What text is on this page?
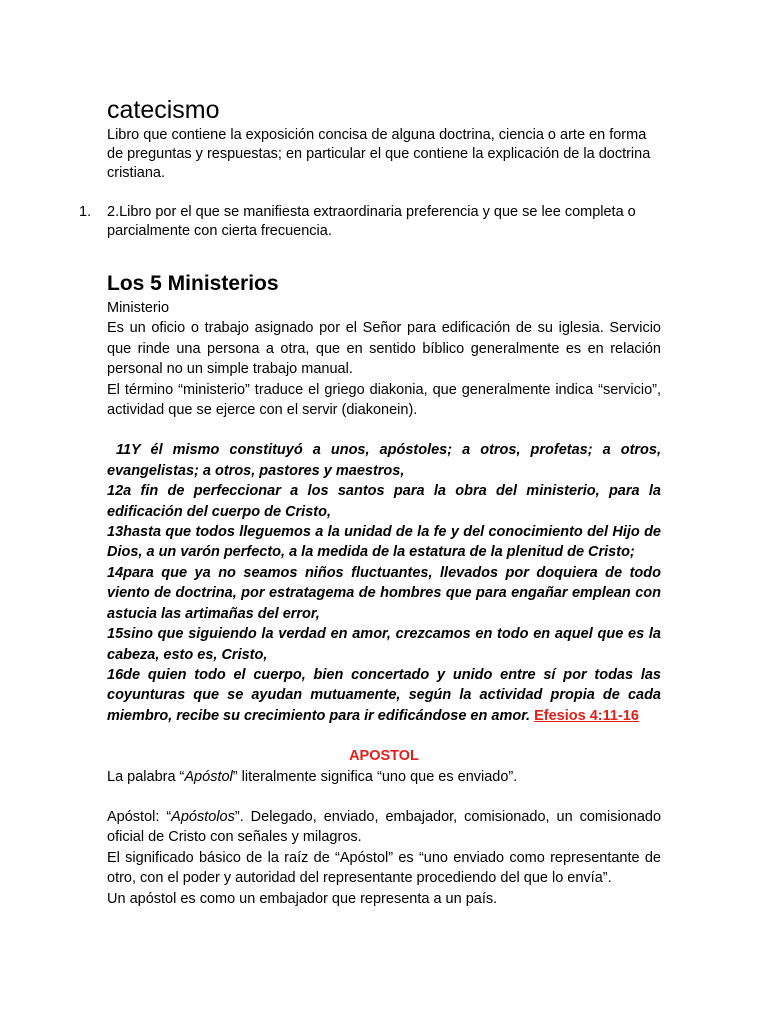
catecismo

Libro que contiene la exposición concisa de alguna doctrina, ciencia o arte en forma de preguntas y respuestas; en particular el que contiene la explicación de la doctrina cristiana.

1. 2.Libro por el que se manifiesta extraordinaria preferencia y que se lee completa o parcialmente con cierta frecuencia.
Los 5 Ministerios

Ministerio

Es un oficio o trabajo asignado por el Señor para edificación de su iglesia. Servicio que rinde una persona a otra, que en sentido bíblico generalmente es en relación personal no un simple trabajo manual.

El término “ministerio” traduce el griego diakonia, que generalmente indica “servicio”, actividad que se ejerce con el servir (diakonein).

11Y él mismo constituyó a unos, apóstoles; a otros, profetas; a otros, evangelistas; a otros, pastores y maestros,
12a fin de perfeccionar a los santos para la obra del ministerio, para la edificación del cuerpo de Cristo,
13hasta que todos lleguemos a la unidad de la fe y del conocimiento del Hijo de Dios, a un varón perfecto, a la medida de la estatura de la plenitud de Cristo;
14para que ya no seamos niños fluctuantes, llevados por doquiera de todo viento de doctrina, por estratagema de hombres que para engañar emplean con astucia las artimañas del error,
15sino que siguiendo la verdad en amor, crezcamos en todo en aquel que es la cabeza, esto es, Cristo,
16de quien todo el cuerpo, bien concertado y unido entre sí por todas las coyunturas que se ayudan mutuamente, según la actividad propia de cada miembro, recibe su crecimiento para ir edificándose en amor. Efesios 4:11-16
APOSTOL

La palabra “Apóstol” literalmente significa “uno que es enviado”.

Apóstol: “Apóstolos”. Delegado, enviado, embajador, comisionado, un comisionado oficial de Cristo con señales y milagros.

El significado básico de la raíz de “Apóstol” es “uno enviado como representante de otro, con el poder y autoridad del representante procediendo del que lo envía”.

Un apóstol es como un embajador que representa a un país.
